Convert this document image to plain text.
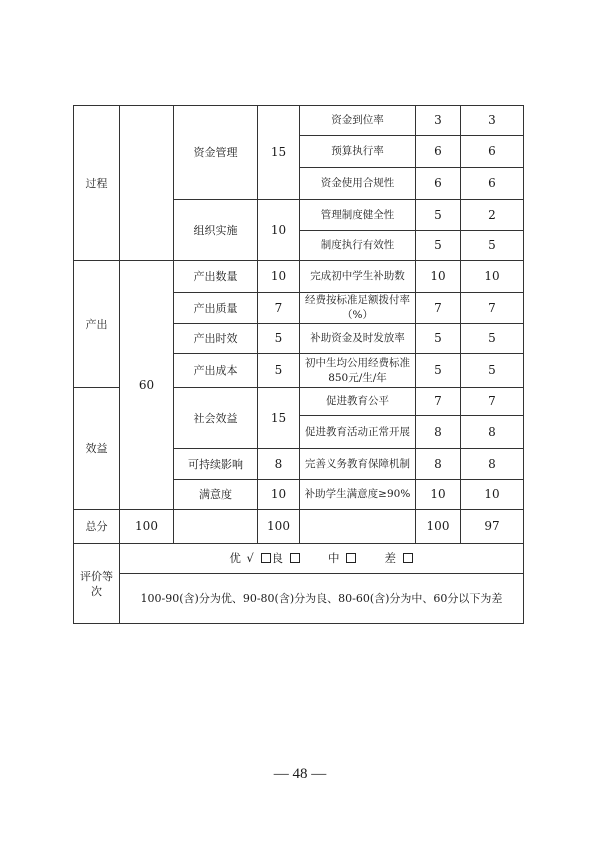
过程		资金管理	15	资金到位率	3	3
				预算执行率	6	6
				资金使用合规性	6	6
		组织实施	10	管理制度健全性	5	2
				制度执行有效性	5	5
产出	60	产出数量	10	完成初中学生补助数	10	10
		产出质量	7	经费按标准足额拨付率（%）	7	7
		产出时效	5	补助资金及时发放率	5	5
		产出成本	5	初中生均公用经费标准850元/生/年	5	5
效益		社会效益	15	促进教育公平	7	7
				促进教育活动正常开展	8	8
		可持续影响	8	完善义务教育保障机制	8	8
		满意度	10	补助学生满意度≥90%	10	10
总分	100		100		100	97
评价等次	优 √ 良 中 差					
	100-90(含)分为优、90-80(含)分为良、80-60(含)分为中、60分以下为差					
— 48 —
